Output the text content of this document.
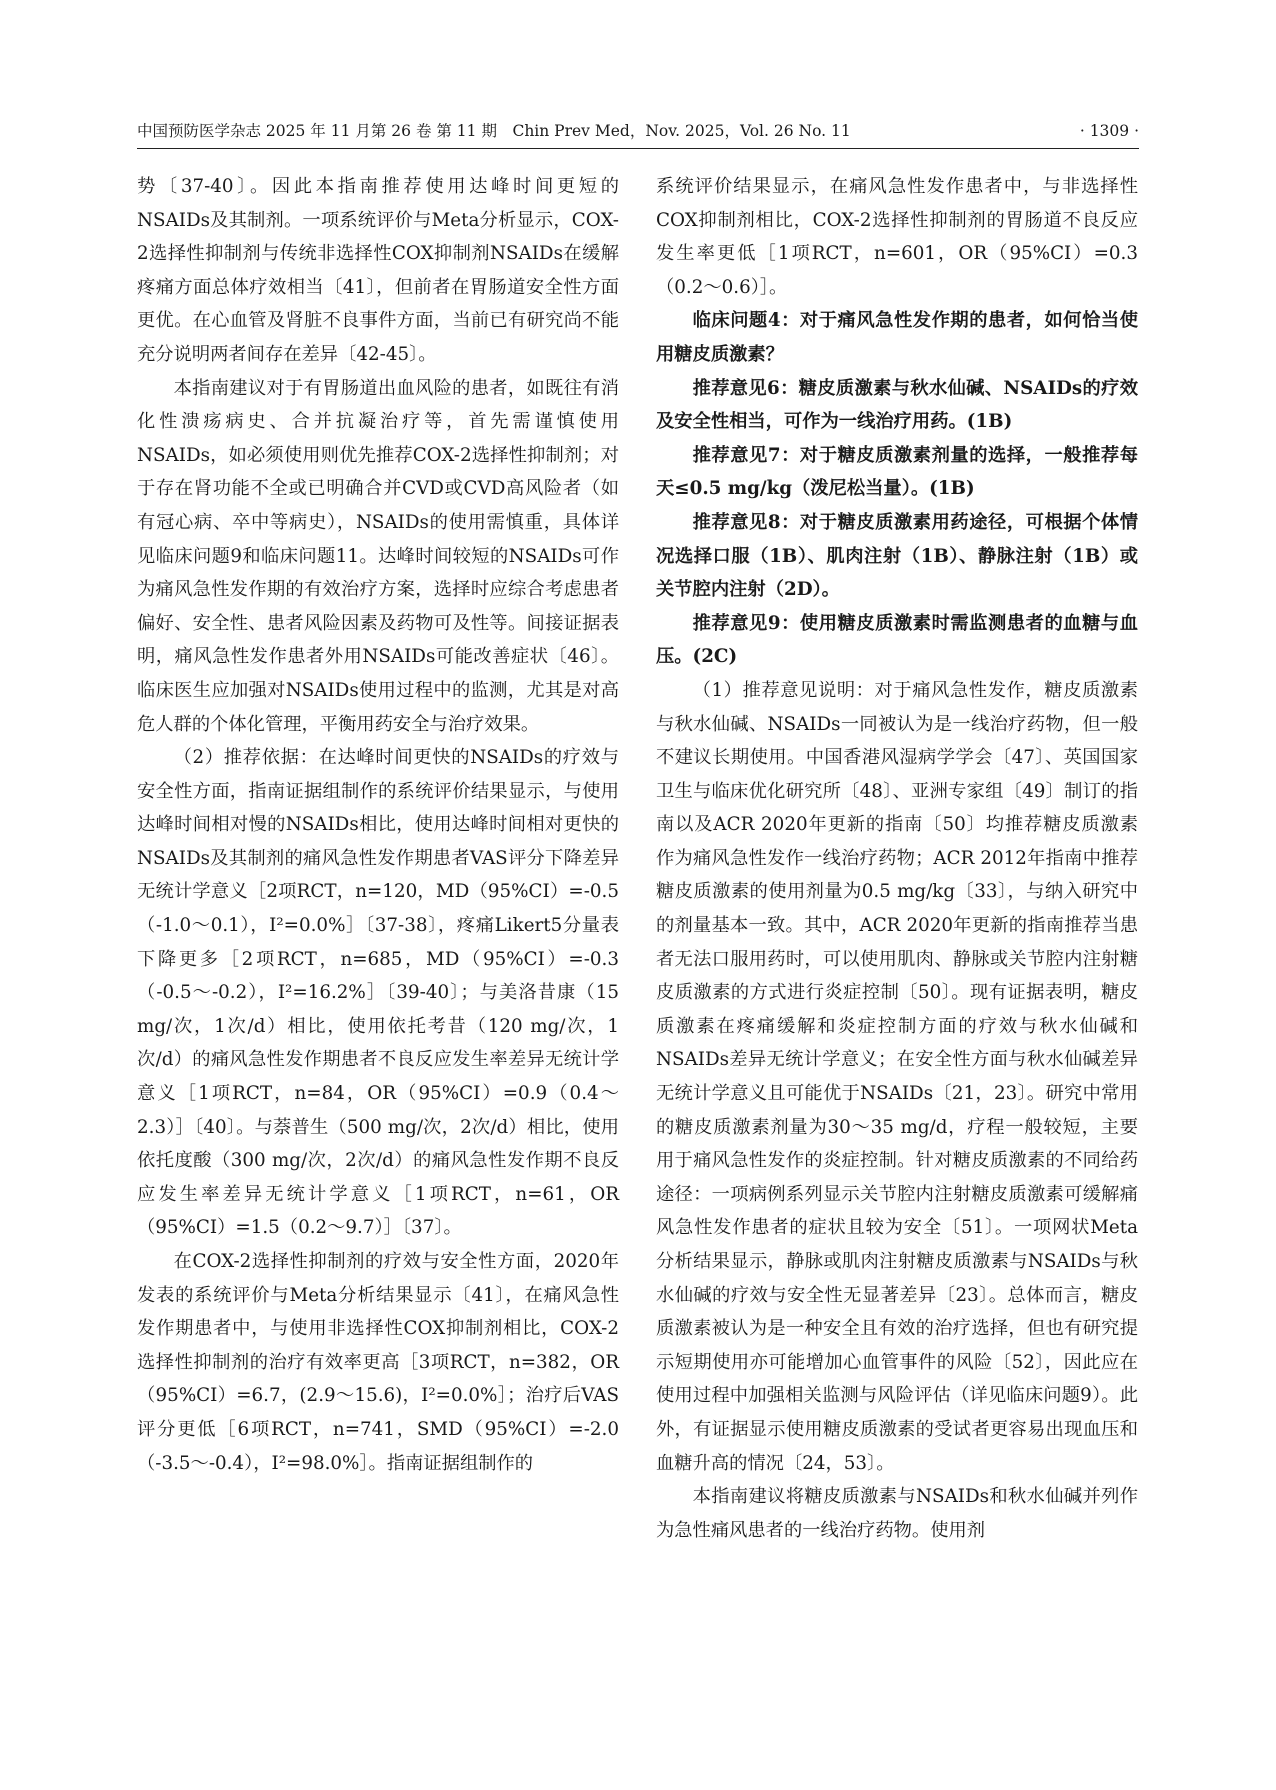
中国预防医学杂志 2025 年 11 月第 26 卷 第 11 期　Chin Prev Med，Nov. 2025，Vol. 26 No. 11	· 1309 ·

势〔37-40〕。因此本指南推荐使用达峰时间更短的NSAIDs及其制剂。一项系统评价与Meta分析显示，COX-2选择性抑制剂与传统非选择性COX抑制剂NSAIDs在缓解疼痛方面总体疗效相当〔41〕，但前者在胃肠道安全性方面更优。在心血管及肾脏不良事件方面，当前已有研究尚不能充分说明两者间存在差异〔42-45〕。

本指南建议对于有胃肠道出血风险的患者，如既往有消化性溃疡病史、合并抗凝治疗等，首先需谨慎使用NSAIDs，如必须使用则优先推荐COX-2选择性抑制剂；对于存在肾功能不全或已明确合并CVD或CVD高风险者（如有冠心病、卒中等病史），NSAIDs的使用需慎重，具体详见临床问题9和临床问题11。达峰时间较短的NSAIDs可作为痛风急性发作期的有效治疗方案，选择时应综合考虑患者偏好、安全性、患者风险因素及药物可及性等。间接证据表明，痛风急性发作患者外用NSAIDs可能改善症状〔46〕。临床医生应加强对NSAIDs使用过程中的监测，尤其是对高危人群的个体化管理，平衡用药安全与治疗效果。

（2）推荐依据：在达峰时间更快的NSAIDs的疗效与安全性方面，指南证据组制作的系统评价结果显示，与使用达峰时间相对慢的NSAIDs相比，使用达峰时间相对更快的NSAIDs及其制剂的痛风急性发作期患者VAS评分下降差异无统计学意义［2项RCT，n=120，MD（95%CI）=-0.5（-1.0～0.1），I²=0.0%］〔37-38〕，疼痛Likert5分量表下降更多［2项RCT，n=685，MD（95%CI）=-0.3（-0.5～-0.2），I²=16.2%］〔39-40〕；与美洛昔康（15 mg/次，1次/d）相比，使用依托考昔（120 mg/次，1次/d）的痛风急性发作期患者不良反应发生率差异无统计学意义［1项RCT，n=84，OR（95%CI）=0.9（0.4～2.3）］〔40〕。与萘普生（500 mg/次，2次/d）相比，使用依托度酸（300 mg/次，2次/d）的痛风急性发作期不良反应发生率差异无统计学意义［1项RCT，n=61，OR（95%CI）=1.5（0.2～9.7）］〔37〕。

在COX-2选择性抑制剂的疗效与安全性方面，2020年发表的系统评价与Meta分析结果显示〔41〕，在痛风急性发作期患者中，与使用非选择性COX抑制剂相比，COX-2选择性抑制剂的治疗有效率更高［3项RCT，n=382，OR（95%CI）=6.7，(2.9～15.6)，I²=0.0%］；治疗后VAS评分更低［6项RCT，n=741，SMD（95%CI）=-2.0（-3.5～-0.4），I²=98.0%］。指南证据组制作的

系统评价结果显示，在痛风急性发作患者中，与非选择性COX抑制剂相比，COX-2选择性抑制剂的胃肠道不良反应发生率更低［1项RCT，n=601，OR（95%CI）=0.3（0.2～0.6）］。

临床问题4：对于痛风急性发作期的患者，如何恰当使用糖皮质激素？

推荐意见6：糖皮质激素与秋水仙碱、NSAIDs的疗效及安全性相当，可作为一线治疗用药。(1B)

推荐意见7：对于糖皮质激素剂量的选择，一般推荐每天≤0.5 mg/kg（泼尼松当量）。(1B)

推荐意见8：对于糖皮质激素用药途径，可根据个体情况选择口服（1B）、肌肉注射（1B）、静脉注射（1B）或关节腔内注射（2D）。

推荐意见9：使用糖皮质激素时需监测患者的血糖与血压。(2C)

（1）推荐意见说明：对于痛风急性发作，糖皮质激素与秋水仙碱、NSAIDs一同被认为是一线治疗药物，但一般不建议长期使用。中国香港风湿病学学会〔47〕、英国国家卫生与临床优化研究所〔48〕、亚洲专家组〔49〕制订的指南以及ACR 2020年更新的指南〔50〕均推荐糖皮质激素作为痛风急性发作一线治疗药物；ACR 2012年指南中推荐糖皮质激素的使用剂量为0.5 mg/kg〔33〕，与纳入研究中的剂量基本一致。其中，ACR 2020年更新的指南推荐当患者无法口服用药时，可以使用肌肉、静脉或关节腔内注射糖皮质激素的方式进行炎症控制〔50〕。现有证据表明，糖皮质激素在疼痛缓解和炎症控制方面的疗效与秋水仙碱和NSAIDs差异无统计学意义；在安全性方面与秋水仙碱差异无统计学意义且可能优于NSAIDs〔21，23〕。研究中常用的糖皮质激素剂量为30～35 mg/d，疗程一般较短，主要用于痛风急性发作的炎症控制。针对糖皮质激素的不同给药途径：一项病例系列显示关节腔内注射糖皮质激素可缓解痛风急性发作患者的症状且较为安全〔51〕。一项网状Meta分析结果显示，静脉或肌肉注射糖皮质激素与NSAIDs与秋水仙碱的疗效与安全性无显著差异〔23〕。总体而言，糖皮质激素被认为是一种安全且有效的治疗选择，但也有研究提示短期使用亦可能增加心血管事件的风险〔52〕，因此应在使用过程中加强相关监测与风险评估（详见临床问题9）。此外，有证据显示使用糖皮质激素的受试者更容易出现血压和血糖升高的情况〔24，53〕。

本指南建议将糖皮质激素与NSAIDs和秋水仙碱并列作为急性痛风患者的一线治疗药物。使用剂
